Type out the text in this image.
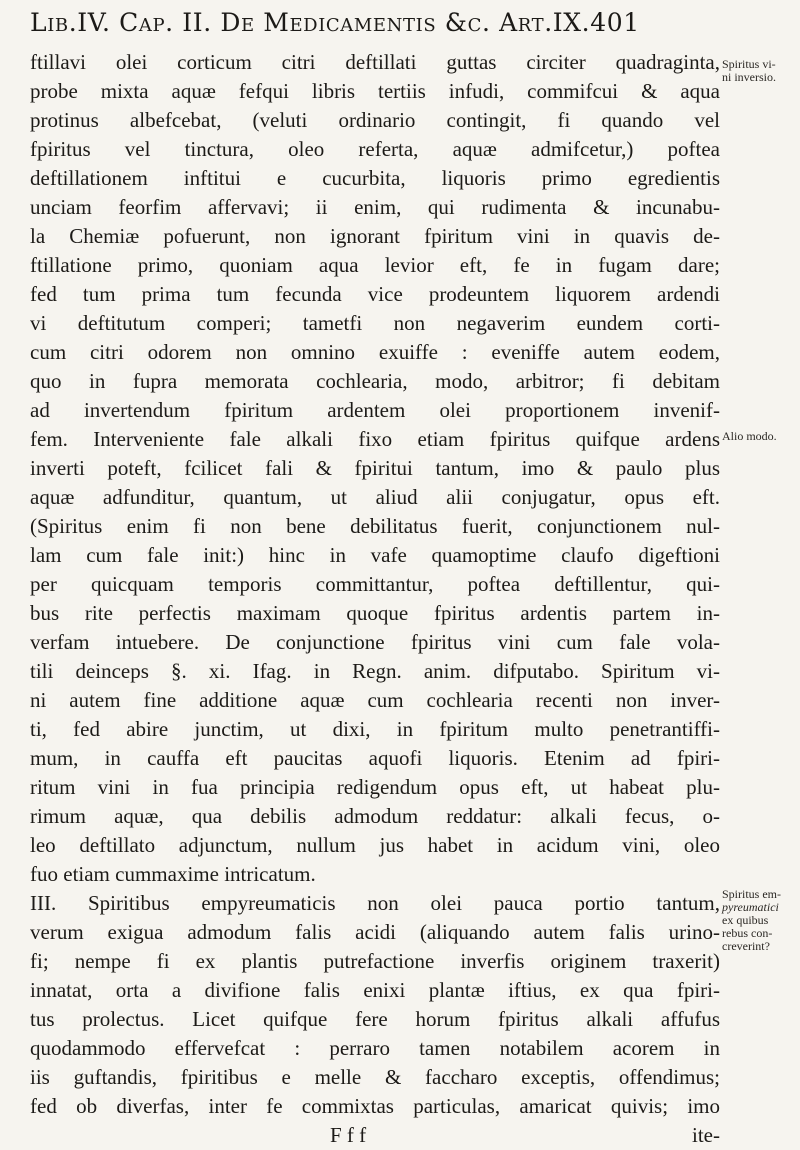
Lib.IV. Cap. II. De Medicamentis &c. Art.IX.401
ftillavi olei corticum citri deftillati guttas circiter quadraginta,
probe mixta aquæ fefqui libris tertiis infudi, commifcui & aqua
protinus albefcebat, (veluti ordinario contingit, fi quando vel
fpiritus vel tinctura, oleo referta, aquæ admifcetur,) poftea
deftillationem inftitui e cucurbita, liquoris primo egredientis
unciam feorfim affervavi; ii enim, qui rudimenta & incunabu-
la Chemiæ pofuerunt, non ignorant fpiritum vini in quavis de-
ftillatione primo, quoniam aqua levior eft, fe in fugam dare;
fed tum prima tum fecunda vice prodeuntem liquorem ardendi
vi deftitutum comperi; tametfi non negaverim eundem corti-
cum citri odorem non omnino exuiffe : eveniffe autem eodem,
quo in fupra memorata cochlearia, modo, arbitror; fi debitam
ad invertendum fpiritum ardentem olei proportionem invenif-
fem. Interveniente fale alkali fixo etiam fpiritus quifque ardens
inverti poteft, fcilicet fali & fpiritui tantum, imo & paulo plus
aquæ adfunditur, quantum, ut aliud alii conjugatur, opus eft.
(Spiritus enim fi non bene debilitatus fuerit, conjunctionem nul-
lam cum fale init:) hinc in vafe quamoptime claufo digeftioni
per quicquam temporis committantur, poftea deftillentur, qui-
bus rite perfectis maximam quoque fpiritus ardentis partem in-
verfam intuebere. De conjunctione fpiritus vini cum fale vola-
tili deinceps §. xi. Ifag. in Regn. anim. difputabo. Spiritum vi-
ni autem fine additione aquæ cum cochlearia recenti non inver-
ti, fed abire junctim, ut dixi, in fpiritum multo penetrantiffi-
mum, in cauffa eft paucitas aquofi liquoris. Etenim ad fpiri-
ritum vini in fua principia redigendum opus eft, ut habeat plu-
rimum aquæ, qua debilis admodum reddatur: alkali fecus, o-
leo deftillato adjunctum, nullum jus habet in acidum vini, oleo
fuo etiam cummaxime intricatum.
III. Spiritibus empyreumaticis non olei pauca portio tantum,
verum exigua admodum falis acidi (aliquando autem falis urino-
fi; nempe fi ex plantis putrefactione inverfis originem traxerit)
innatat, orta a divifione falis enixi plantæ iftius, ex qua fpiri-
tus prolectus. Licet quifque fere horum fpiritus alkali affufus
quodammodo effervefcat : perraro tamen notabilem acorem in
iis guftandis, fpiritibus e melle & faccharo exceptis, offendimus;
fed ob diverfas, inter fe commixtas particulas, amaricat quivis; imo
F f f	ite-
Spiritus vi-
ni inversio.
Alio modo.
Spiritus em-
pyreumatici
ex quibus
rebus con-
creverint?
